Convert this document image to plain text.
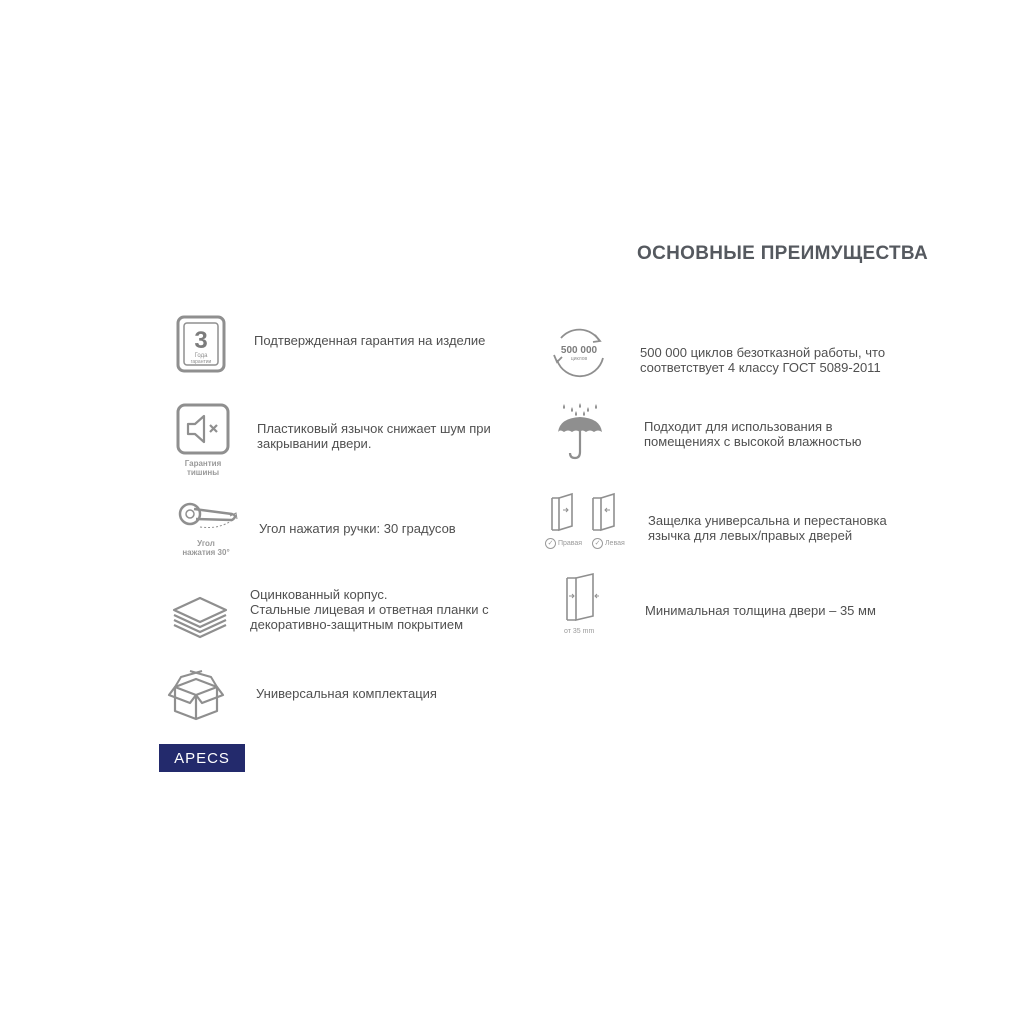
ОСНОВНЫЕ ПРЕИМУЩЕСТВА
3
Года
гарантии
Подтвержденная гарантия на изделие
Гарантия
тишины
Пластиковый язычок снижает шум при
закрывании двери.
Угол
нажатия 30°
Угол нажатия ручки: 30 градусов
Оцинкованный корпус.
Стальные лицевая и ответная планки с
декоративно-защитным покрытием
Универсальная комплектация
500 000
циклов	500 000 циклов безотказной работы, что
соответствует 4 классу ГОСТ 5089-2011
Подходит для использования в
помещениях с высокой влажностью
✓ Правая	✓ Левая
Защелка универсальна и перестановка
язычка для левых/правых дверей
от 35 mm
Минимальная толщина двери – 35 мм
APECS
